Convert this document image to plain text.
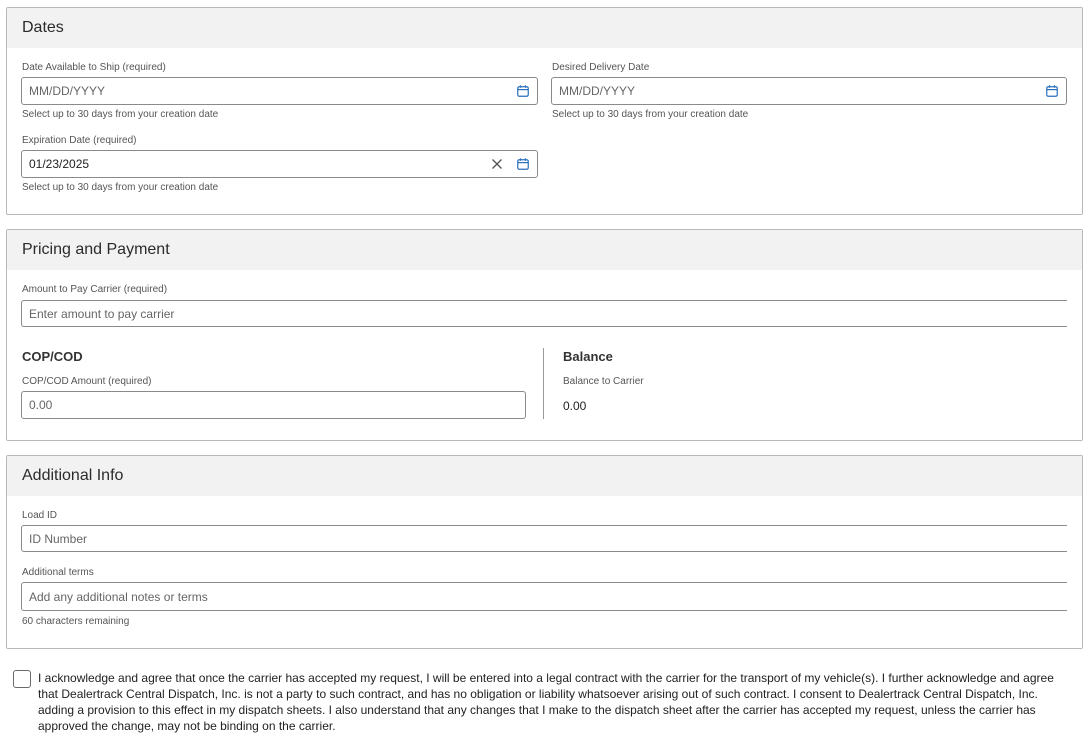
Dates
Date Available to Ship (required)
MM/DD/YYYY
Select up to 30 days from your creation date
Desired Delivery Date
MM/DD/YYYY
Select up to 30 days from your creation date
Expiration Date (required)
01/23/2025
Select up to 30 days from your creation date
Pricing and Payment
Amount to Pay Carrier (required)
Enter amount to pay carrier
COP/COD
COP/COD Amount (required)
0.00
Balance
Balance to Carrier
0.00
Additional Info
Load ID
ID Number
Additional terms
Add any additional notes or terms
60 characters remaining
I acknowledge and agree that once the carrier has accepted my request, I will be entered into a legal contract with the carrier for the transport of my vehicle(s). I further acknowledge and agree that Dealertrack Central Dispatch, Inc. is not a party to such contract, and has no obligation or liability whatsoever arising out of such contract. I consent to Dealertrack Central Dispatch, Inc. adding a provision to this effect in my dispatch sheets. I also understand that any changes that I make to the dispatch sheet after the carrier has accepted my request, unless the carrier has approved the change, may not be binding on the carrier.
